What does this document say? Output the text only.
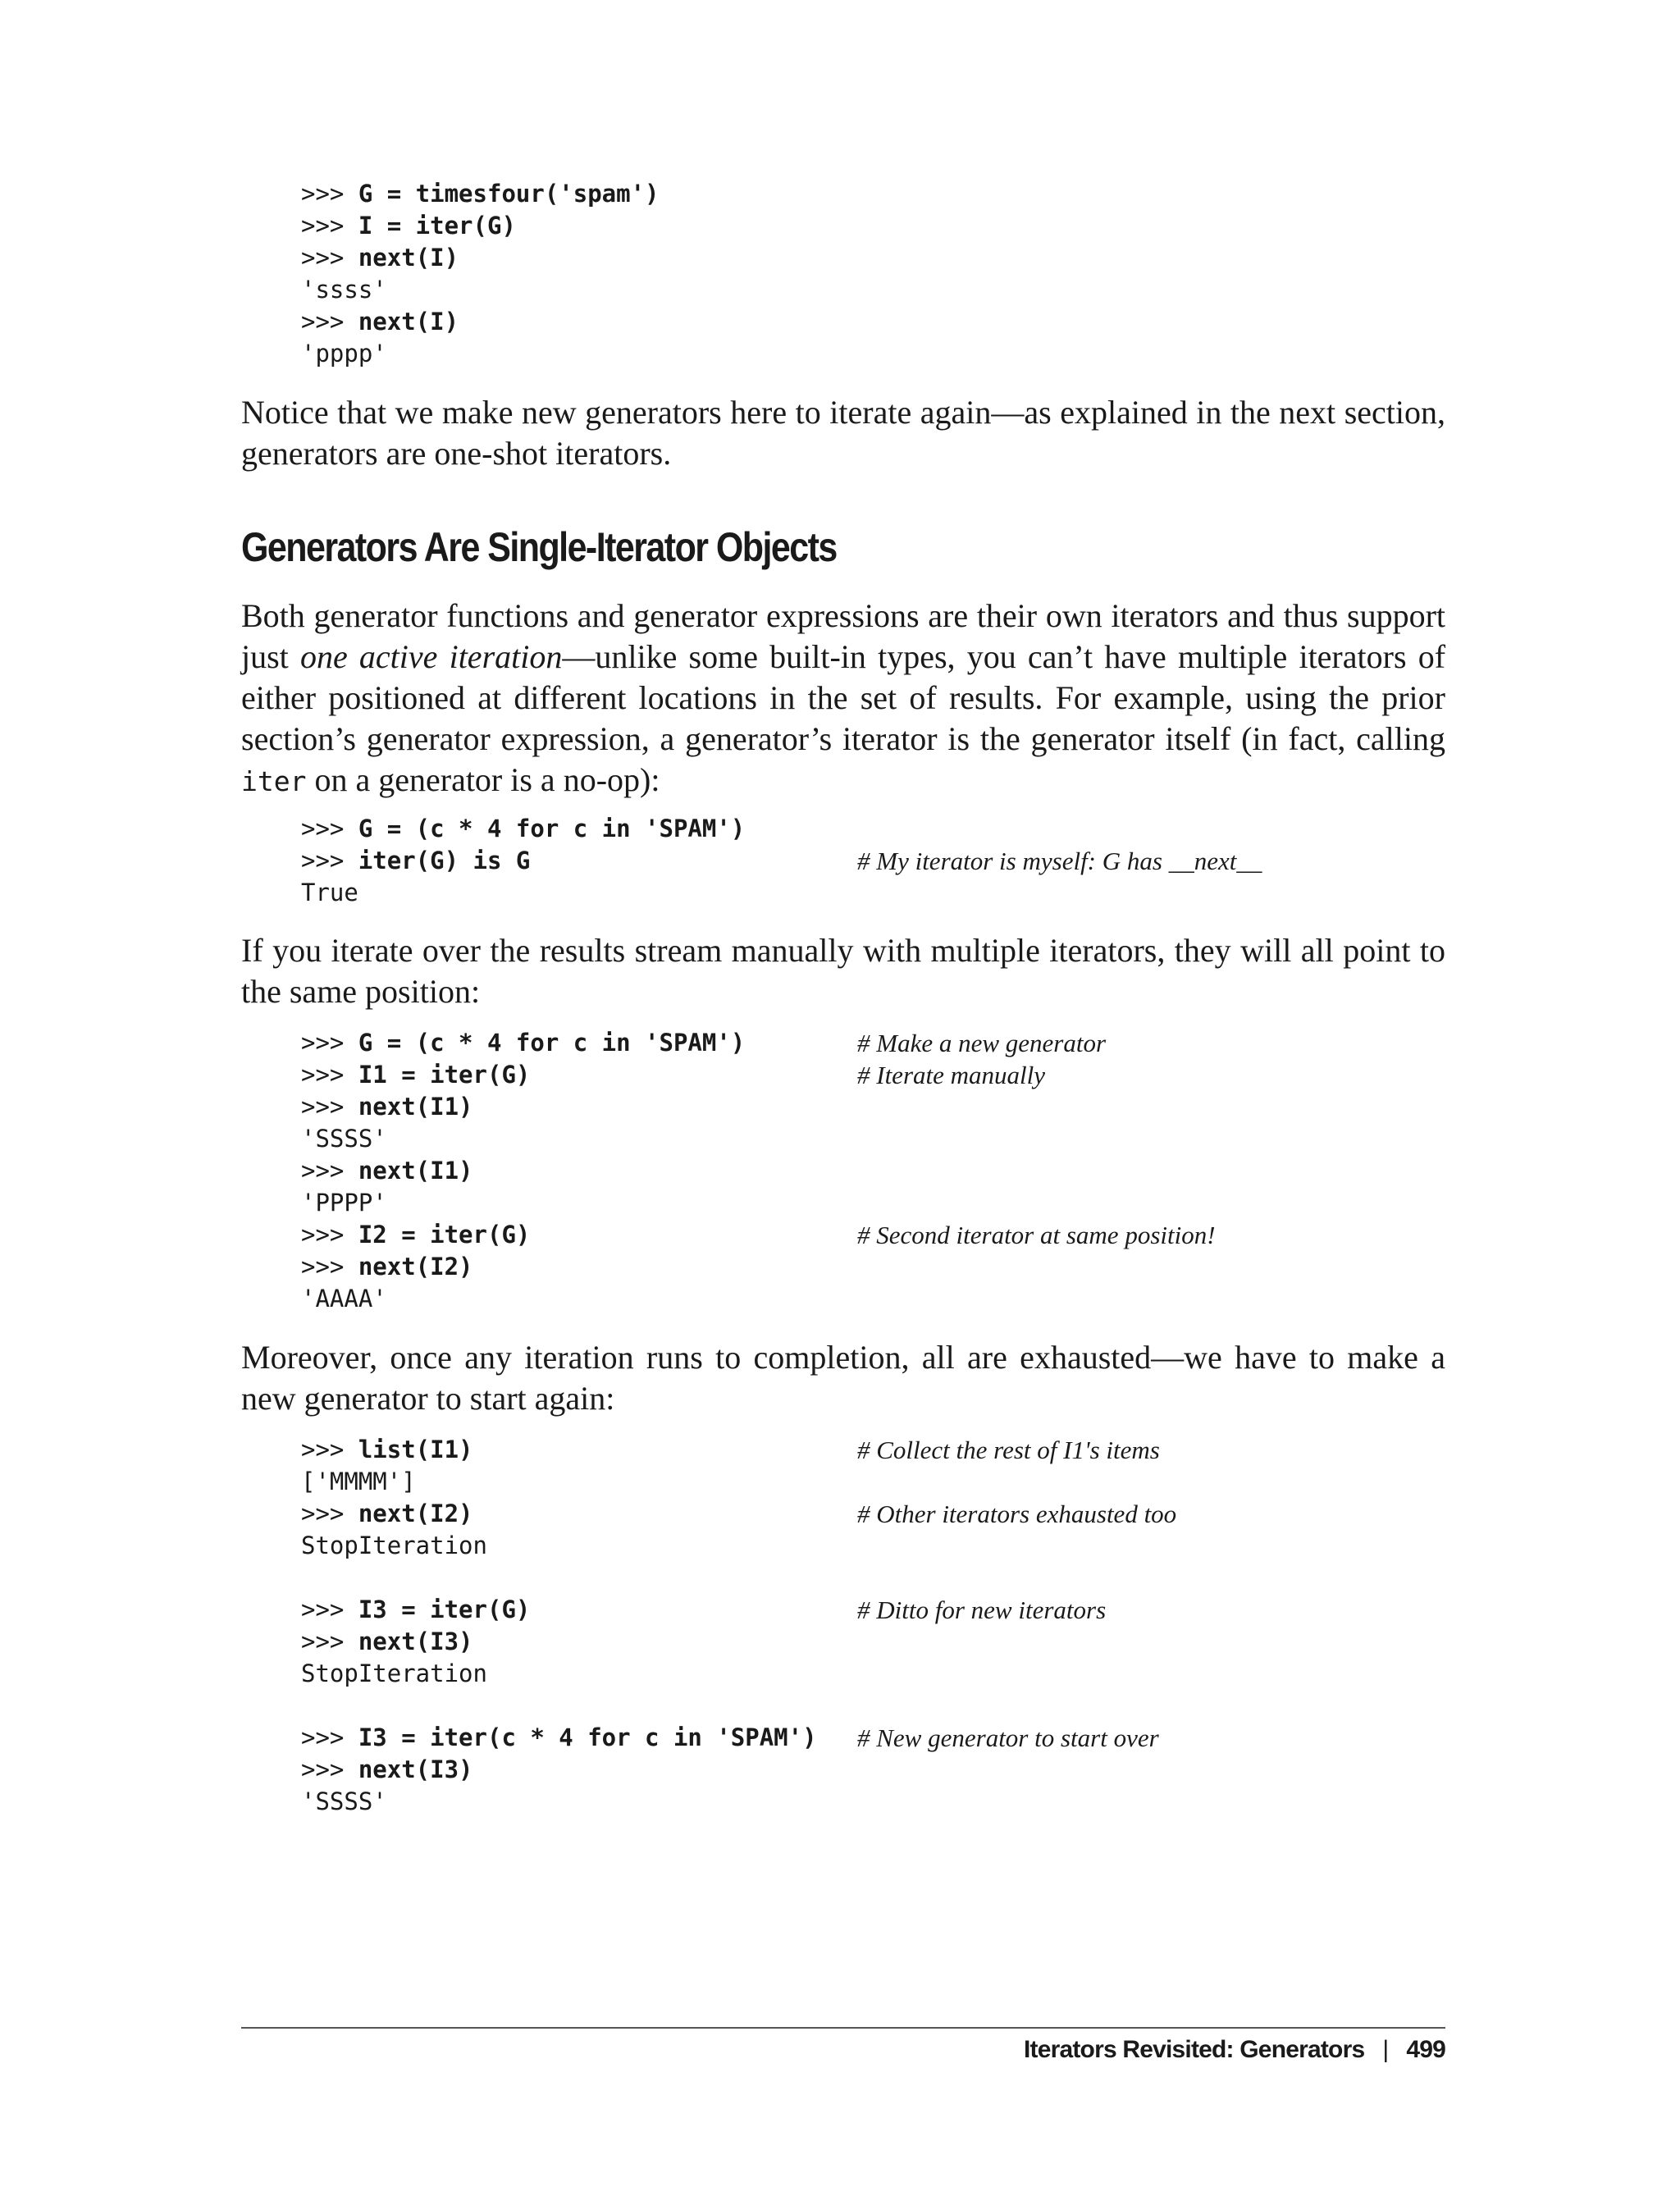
>>> G = timesfour('spam')
>>> I = iter(G)
>>> next(I)
'ssss'
>>> next(I)
'pppp'

Notice that we make new generators here to iterate again—as explained in the next section, generators are one-shot iterators.

Generators Are Single-Iterator Objects

Both generator functions and generator expressions are their own iterators and thus support just one active iteration—unlike some built-in types, you can’t have multiple iterators of either positioned at different locations in the set of results. For example, using the prior section’s generator expression, a generator’s iterator is the generator itself (in fact, calling iter on a generator is a no-op):

>>> G = (c * 4 for c in 'SPAM')
>>> iter(G) is G	# My iterator is myself: G has __next__
True

If you iterate over the results stream manually with multiple iterators, they will all point to the same position:

>>> G = (c * 4 for c in 'SPAM')	# Make a new generator
>>> I1 = iter(G)	# Iterate manually
>>> next(I1)
'SSSS'
>>> next(I1)
'PPPP'
>>> I2 = iter(G)	# Second iterator at same position!
>>> next(I2)
'AAAA'

Moreover, once any iteration runs to completion, all are exhausted—we have to make a new generator to start again:

>>> list(I1)	# Collect the rest of I1's items
['MMMM']
>>> next(I2)	# Other iterators exhausted too
StopIteration
>>> I3 = iter(G)	# Ditto for new iterators
>>> next(I3)
StopIteration
>>> I3 = iter(c * 4 for c in 'SPAM') # New generator to start over
>>> next(I3)
'SSSS'
Iterators Revisited: Generators | 499
